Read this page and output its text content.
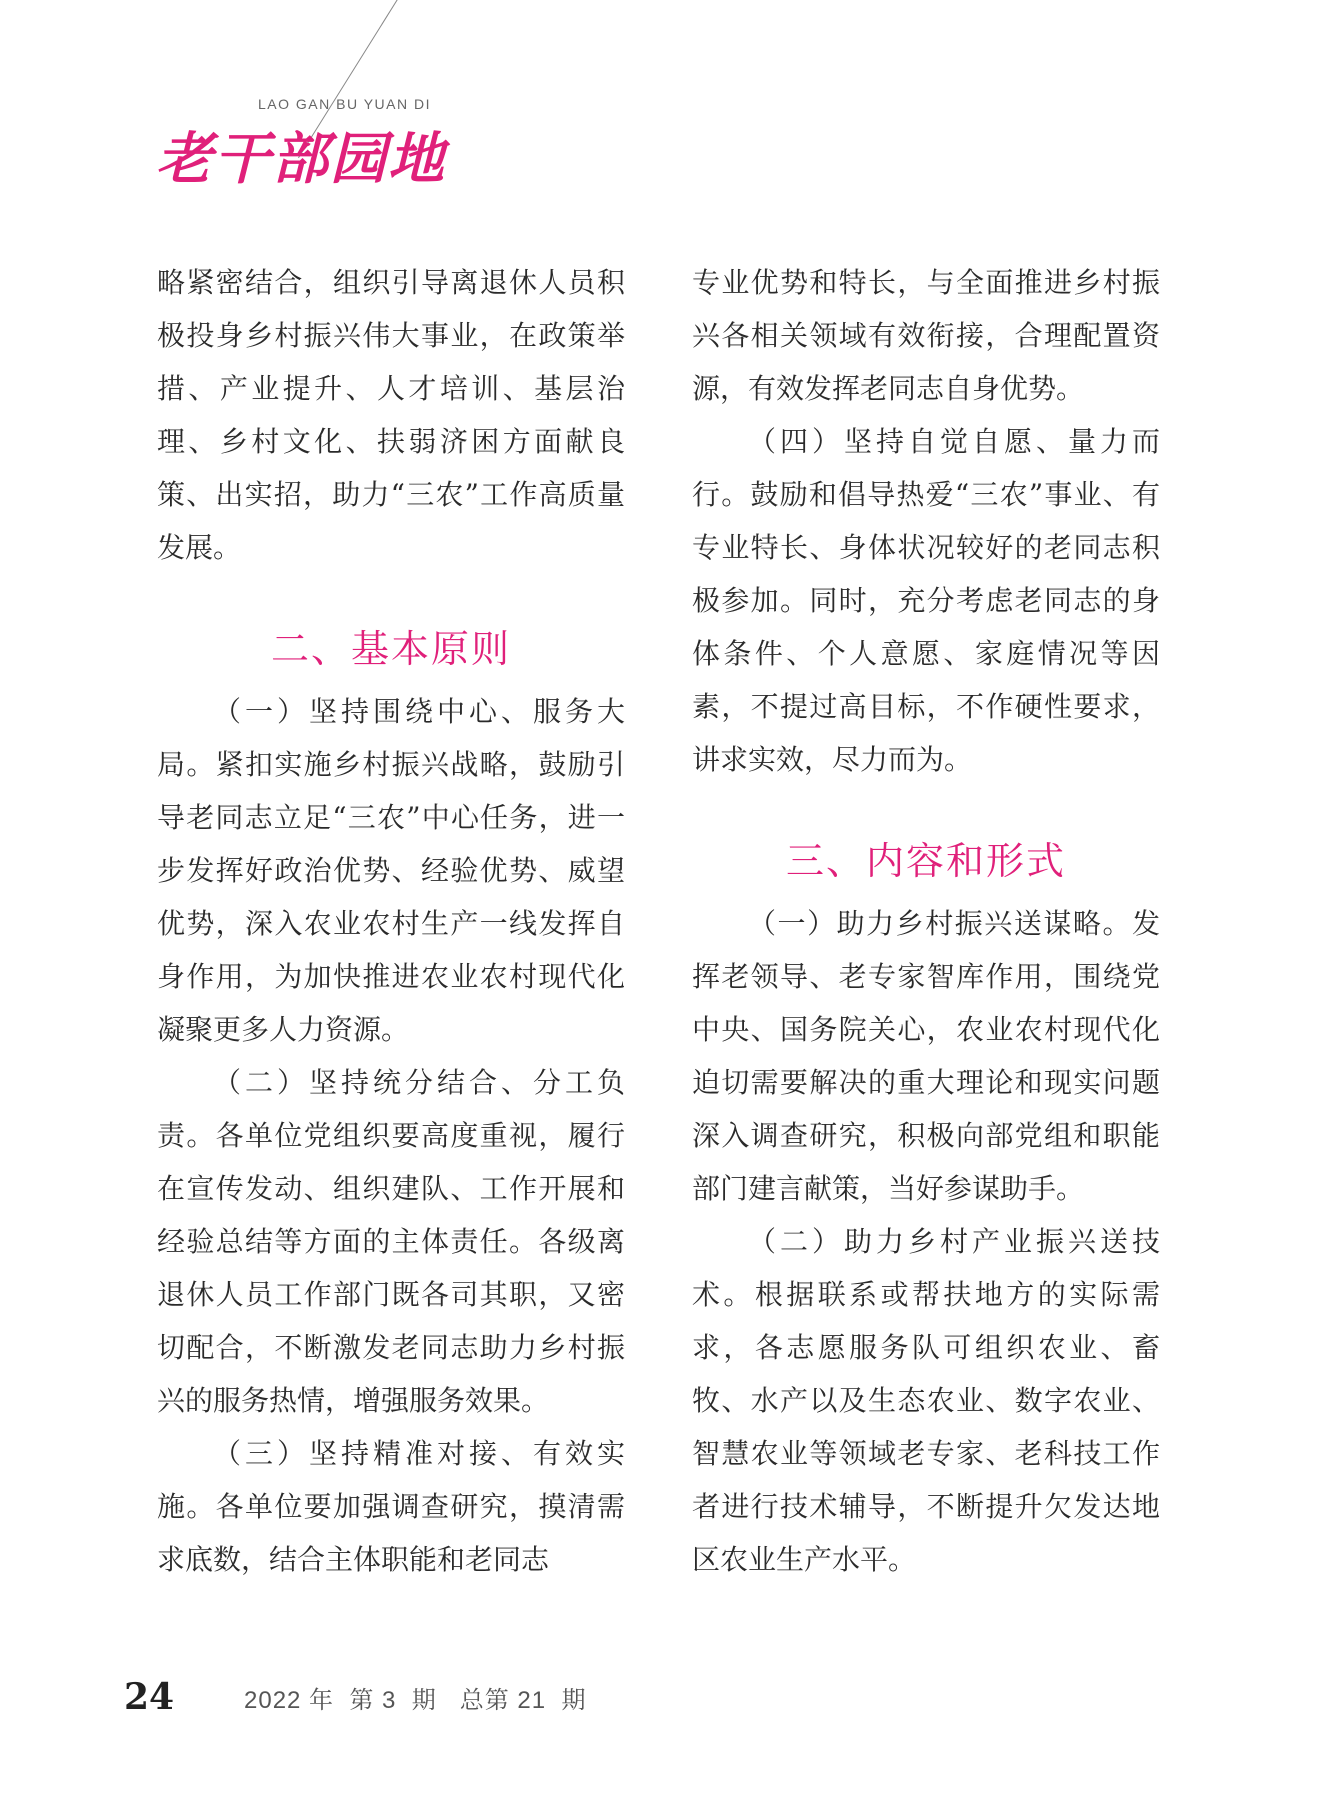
LAO GAN BU YUAN DI
老干部园地

略紧密结合，组织引导离退休人员积极投身乡村振兴伟大事业，在政策举措、产业提升、人才培训、基层治理、乡村文化、扶弱济困方面献良策、出实招，助力“三农”工作高质量发展。

二、基本原则

（一）坚持围绕中心、服务大局。紧扣实施乡村振兴战略，鼓励引导老同志立足“三农”中心任务，进一步发挥好政治优势、经验优势、威望优势，深入农业农村生产一线发挥自身作用，为加快推进农业农村现代化凝聚更多人力资源。

（二）坚持统分结合、分工负责。各单位党组织要高度重视，履行在宣传发动、组织建队、工作开展和经验总结等方面的主体责任。各级离退休人员工作部门既各司其职，又密切配合，不断激发老同志助力乡村振兴的服务热情，增强服务效果。

（三）坚持精准对接、有效实施。各单位要加强调查研究，摸清需求底数，结合主体职能和老同志

专业优势和特长，与全面推进乡村振兴各相关领域有效衔接，合理配置资源，有效发挥老同志自身优势。

（四）坚持自觉自愿、量力而行。鼓励和倡导热爱“三农”事业、有专业特长、身体状况较好的老同志积极参加。同时，充分考虑老同志的身体条件、个人意愿、家庭情况等因素，不提过高目标，不作硬性要求，讲求实效，尽力而为。

三、内容和形式

（一）助力乡村振兴送谋略。发挥老领导、老专家智库作用，围绕党中央、国务院关心，农业农村现代化迫切需要解决的重大理论和现实问题深入调查研究，积极向部党组和职能部门建言献策，当好参谋助手。

（二）助力乡村产业振兴送技术。根据联系或帮扶地方的实际需求，各志愿服务队可组织农业、畜牧、水产以及生态农业、数字农业、智慧农业等领域老专家、老科技工作者进行技术辅导，不断提升欠发达地区农业生产水平。

24	2022 年  第 3  期   总第 21  期
